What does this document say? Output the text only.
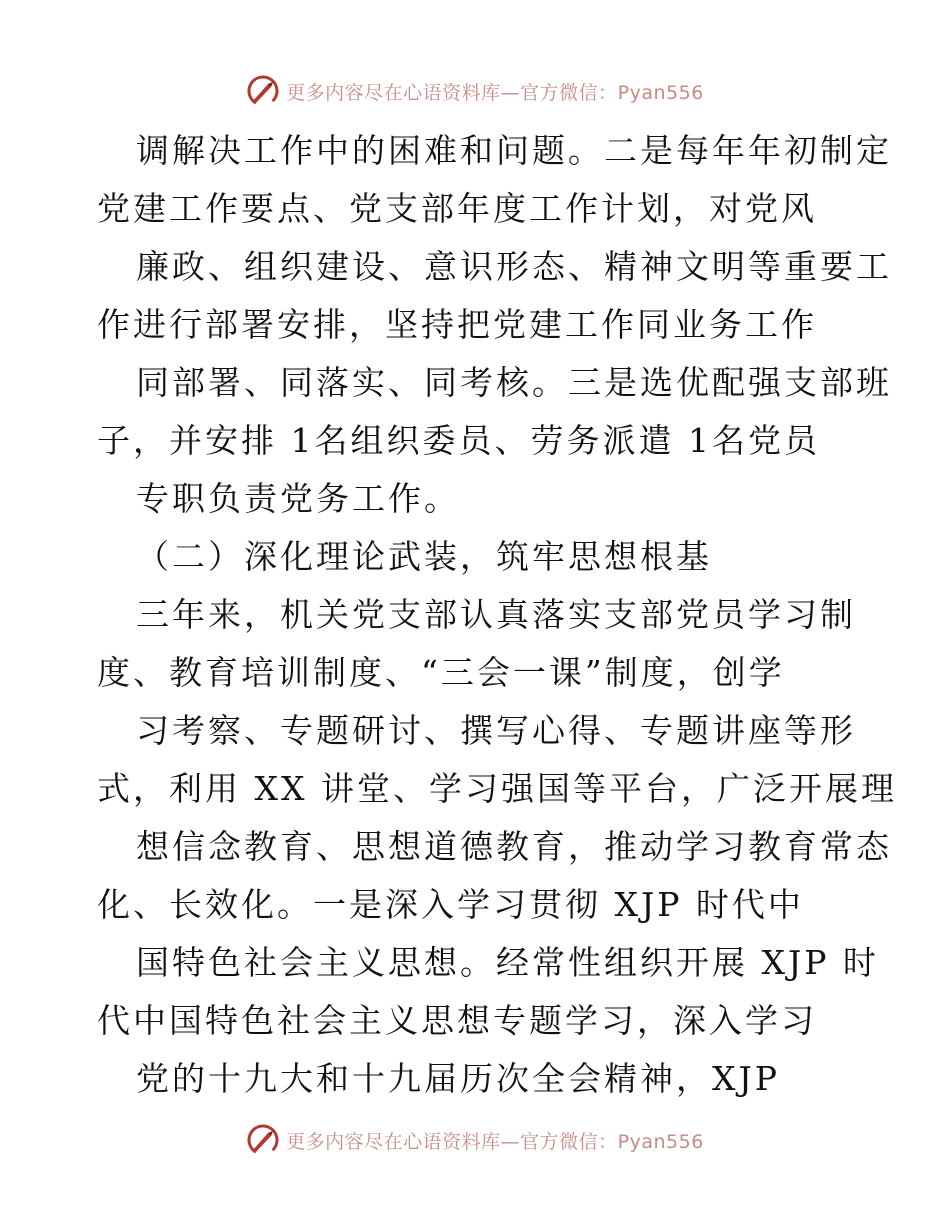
更多内容尽在心语资料库—官方微信：Pyan556
调解决工作中的困难和问题。二是每年年初制定
党建工作要点、党支部年度工作计划，对党风
廉政、组织建设、意识形态、精神文明等重要工
作进行部署安排，坚持把党建工作同业务工作
同部署、同落实、同考核。三是选优配强支部班
子，并安排 1名组织委员、劳务派遣 1名党员
专职负责党务工作。
（二）深化理论武装，筑牢思想根基
三年来，机关党支部认真落实支部党员学习制
度、教育培训制度、“三会一课”制度，创学
习考察、专题研讨、撰写心得、专题讲座等形
式，利用 XX 讲堂、学习强国等平台，广泛开展理
想信念教育、思想道德教育，推动学习教育常态
化、长效化。一是深入学习贯彻 XJP 时代中
国特色社会主义思想。经常性组织开展 XJP 时
代中国特色社会主义思想专题学习，深入学习
党的十九大和十九届历次全会精神，XJP
更多内容尽在心语资料库—官方微信：Pyan556
